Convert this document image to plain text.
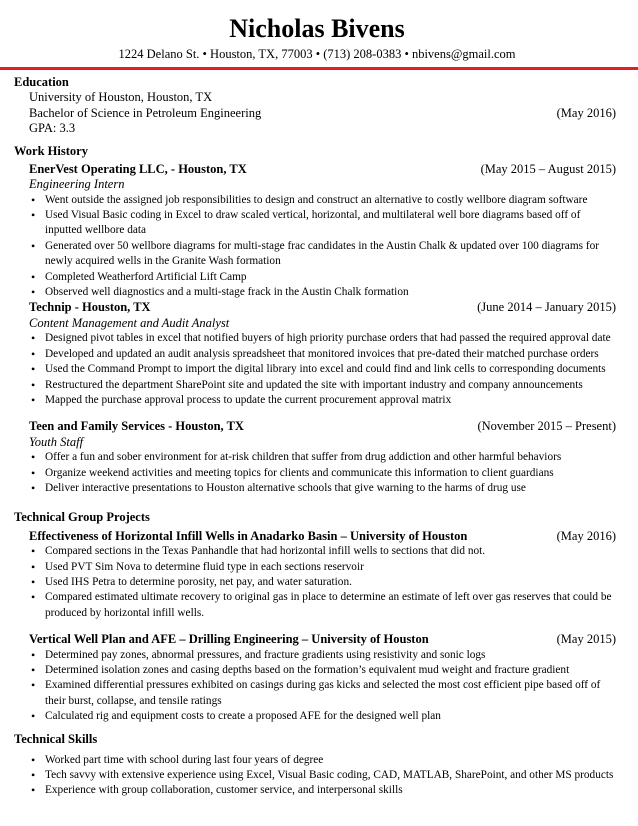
Nicholas Bivens
1224 Delano St. • Houston, TX, 77003 • (713) 208-0383 • nbivens@gmail.com
Education
University of Houston, Houston, TX
Bachelor of Science in Petroleum Engineering	(May 2016)
GPA: 3.3
Work History
EnerVest Operating LLC, - Houston, TX	(May 2015 – August 2015)
Engineering Intern
• Went outside the assigned job responsibilities to design and construct an alternative to costly wellbore diagram software
• Used Visual Basic coding in Excel to draw scaled vertical, horizontal, and multilateral well bore diagrams based off of inputted wellbore data
• Generated over 50 wellbore diagrams for multi-stage frac candidates in the Austin Chalk & updated over 100 diagrams for newly acquired wells in the Granite Wash formation
• Completed Weatherford Artificial Lift Camp
• Observed well diagnostics and a multi-stage frack in the Austin Chalk formation
Technip - Houston, TX	(June 2014 – January 2015)
Content Management and Audit Analyst
• Designed pivot tables in excel that notified buyers of high priority purchase orders that had passed the required approval date
• Developed and updated an audit analysis spreadsheet that monitored invoices that pre-dated their matched purchase orders
• Used the Command Prompt to import the digital library into excel and could find and link cells to corresponding documents
• Restructured the department SharePoint site and updated the site with important industry and company announcements
• Mapped the purchase approval process to update the current procurement approval matrix
Teen and Family Services - Houston, TX	(November 2015 – Present)
Youth Staff
• Offer a fun and sober environment for at-risk children that suffer from drug addiction and other harmful behaviors
• Organize weekend activities and meeting topics for clients and communicate this information to client guardians
• Deliver interactive presentations to Houston alternative schools that give warning to the harms of drug use
Technical Group Projects
Effectiveness of Horizontal Infill Wells in Anadarko Basin – University of Houston	(May 2016)
• Compared sections in the Texas Panhandle that had horizontal infill wells to sections that did not.
• Used PVT Sim Nova to determine fluid type in each sections reservoir
• Used IHS Petra to determine porosity, net pay, and water saturation.
• Compared estimated ultimate recovery to original gas in place to determine an estimate of left over gas reserves that could be produced by horizontal infill wells.
Vertical Well Plan and AFE – Drilling Engineering – University of Houston	(May 2015)
• Determined pay zones, abnormal pressures, and fracture gradients using resistivity and sonic logs
• Determined isolation zones and casing depths based on the formation’s equivalent mud weight and fracture gradient
• Examined differential pressures exhibited on casings during gas kicks and selected the most cost efficient pipe based off of their burst, collapse, and tensile ratings
• Calculated rig and equipment costs to create a proposed AFE for the designed well plan
Technical Skills
• Worked part time with school during last four years of degree
• Tech savvy with extensive experience using Excel, Visual Basic coding, CAD, MATLAB, SharePoint, and other MS products
• Experience with group collaboration, customer service, and interpersonal skills
